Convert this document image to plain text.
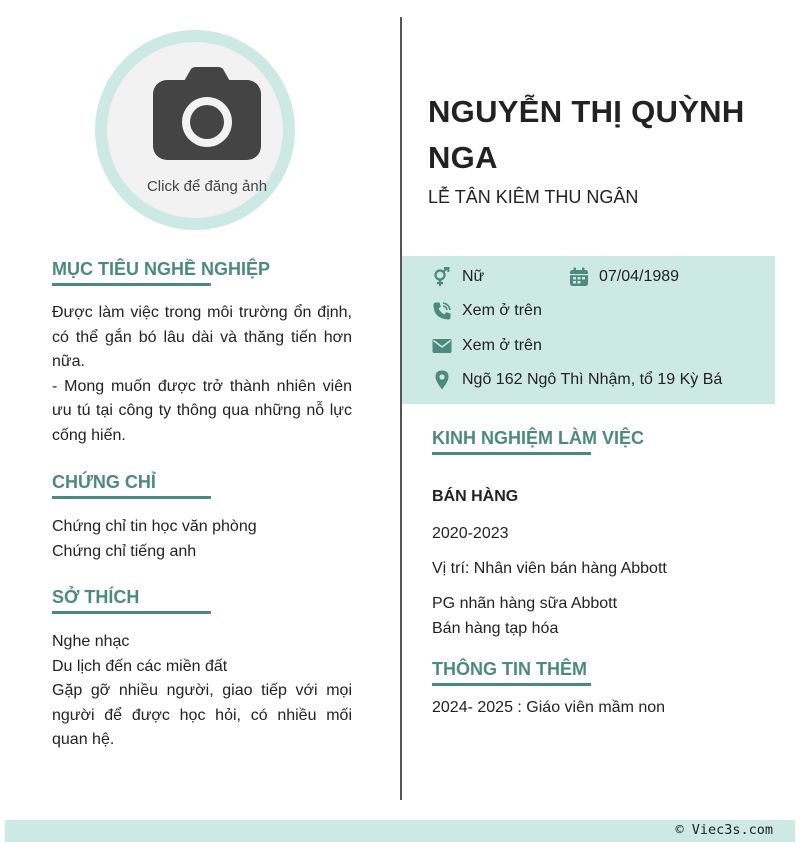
Click để đăng ảnh
MỤC TIÊU NGHỀ NGHIỆP
Được làm việc trong môi trường ổn định, có thể gắn bó lâu dài và thăng tiến hơn nữa.
- Mong muốn được trở thành nhiên viên ưu tú tại công ty thông qua những nỗ lực cống hiến.
CHỨNG CHỈ
Chứng chỉ tin học văn phòng
Chứng chỉ tiếng anh
SỞ THÍCH
Nghe nhạc
Du lịch đến các miền đất
Gặp gỡ nhiều người, giao tiếp với mọi người để được học hỏi, có nhiều mối quan hệ.
NGUYỄN THỊ QUỲNH NGA
LỄ TÂN KIÊM THU NGÂN
Nữ	07/04/1989
Xem ở trên
Xem ở trên
Ngõ 162 Ngô Thì Nhậm, tổ 19 Kỳ Bá
KINH NGHIỆM LÀM VIỆC
BÁN HÀNG
2020-2023
Vị trí: Nhân viên bán hàng Abbott
PG nhãn hàng sữa Abbott
Bán hàng tạp hóa
THÔNG TIN THÊM
2024- 2025 : Giáo viên mầm non
© Viec3s.com
